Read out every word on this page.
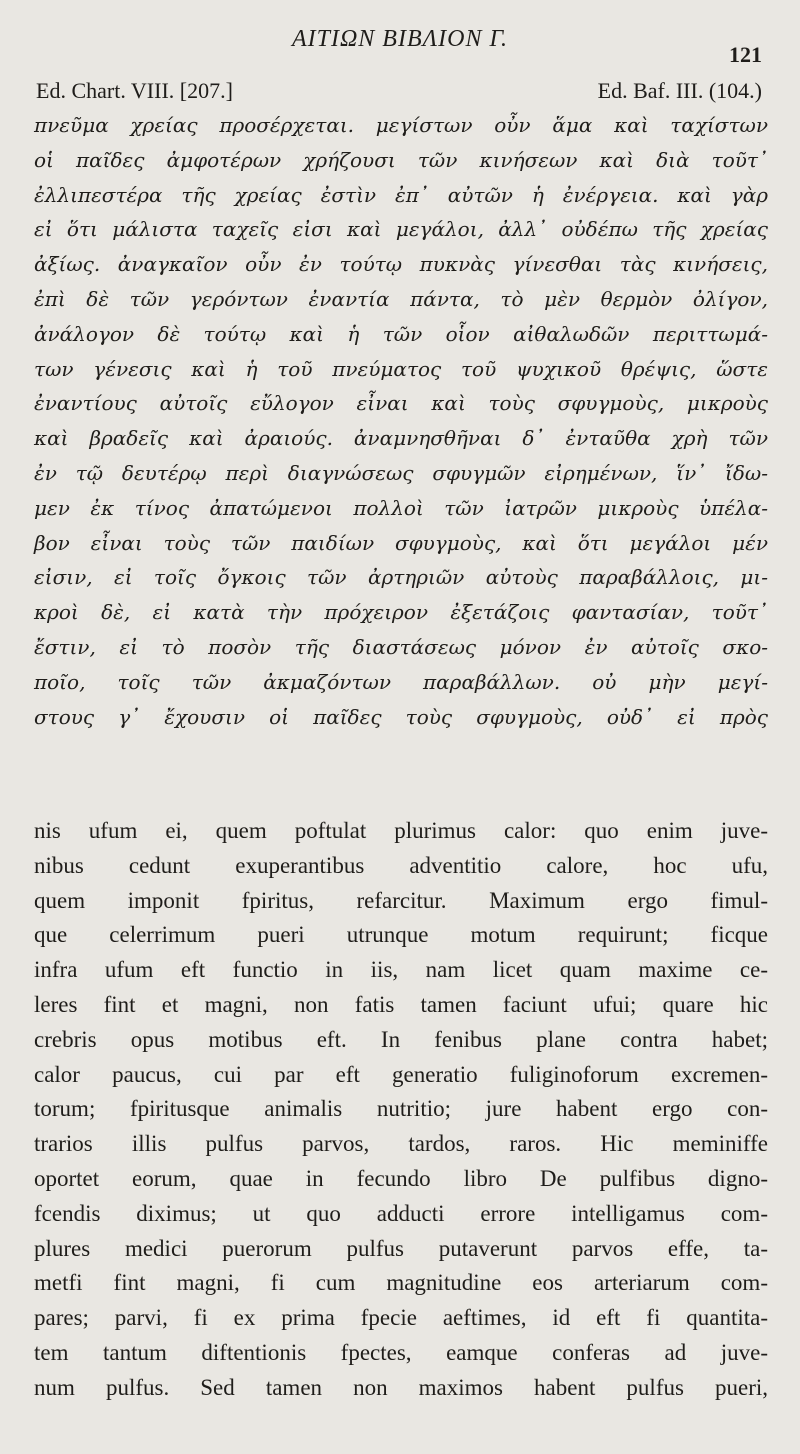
ΑΙΤΙΩΝ ΒΙΒΛΙΟΝ Γ.
121
Ed. Chart. VIII. [207.]	Ed. Baf. III. (104.)
πνεῦμα χρείας προσέρχεται. μεγίστων οὖν ἅμα καὶ ταχίστων
οἱ παῖδες ἀμφοτέρων χρήζουσι τῶν κινήσεων καὶ διὰ τοῦτ᾽
ἐλλιπεστέρα τῆς χρείας ἐστὶν ἐπ᾽ αὐτῶν ἡ ἐνέργεια. καὶ γὰρ
εἰ ὅτι μάλιστα ταχεῖς εἰσι καὶ μεγάλοι, ἀλλ᾽ οὐδέπω τῆς χρείας
ἀξίως. ἀναγκαῖον οὖν ἐν τούτῳ πυκνὰς γίνεσθαι τὰς κινήσεις,
ἐπὶ δὲ τῶν γερόντων ἐναντία πάντα, τὸ μὲν θερμὸν ὀλίγον,
ἀνάλογον δὲ τούτῳ καὶ ἡ τῶν οἷον αἰθαλωδῶν περιττωμά-
των γένεσις καὶ ἡ τοῦ πνεύματος τοῦ ψυχικοῦ θρέψις, ὥστε
ἐναντίους αὐτοῖς εὔλογον εἶναι καὶ τοὺς σφυγμοὺς, μικροὺς
καὶ βραδεῖς καὶ ἀραιούς. ἀναμνησθῆναι δ᾽ ἐνταῦθα χρὴ τῶν
ἐν τῷ δευτέρῳ περὶ διαγνώσεως σφυγμῶν εἰρημένων, ἵν᾽ ἴδω-
μεν ἐκ τίνος ἀπατώμενοι πολλοὶ τῶν ἰατρῶν μικροὺς ὑπέλα-
βον εἶναι τοὺς τῶν παιδίων σφυγμοὺς, καὶ ὅτι μεγάλοι μέν
εἰσιν, εἰ τοῖς ὄγκοις τῶν ἀρτηριῶν αὐτοὺς παραβάλλοις, μι-
κροὶ δὲ, εἰ κατὰ τὴν πρόχειρον ἐξετάζοις φαντασίαν, τοῦτ᾽
ἔστιν, εἰ τὸ ποσὸν τῆς διαστάσεως μόνον ἐν αὐτοῖς σκο-
ποῖο, τοῖς τῶν ἀκμαζόντων παραβάλλων. οὐ μὴν μεγί-
στους γ᾽ ἔχουσιν οἱ παῖδες τοὺς σφυγμοὺς, οὐδ᾽ εἰ πρὸς
nis ufum ei, quem poftulat plurimus calor: quo enim juve-
nibus cedunt exuperantibus adventitio calore, hoc ufu,
quem imponit fpiritus, refarcitur. Maximum ergo fimul-
que celerrimum pueri utrunque motum requirunt; ficque
infra ufum eft functio in iis, nam licet quam maxime ce-
leres fint et magni, non fatis tamen faciunt ufui; quare hic
crebris opus motibus eft. In fenibus plane contra habet;
calor paucus, cui par eft generatio fuliginoforum excremen-
torum; fpiritusque animalis nutritio; jure habent ergo con-
trarios illis pulfus parvos, tardos, raros. Hic meminiffe
oportet eorum, quae in fecundo libro De pulfibus digno-
fcendis diximus; ut quo adducti errore intelligamus com-
plures medici puerorum pulfus putaverunt parvos effe, ta-
metfi fint magni, fi cum magnitudine eos arteriarum com-
pares; parvi, fi ex prima fpecie aeftimes, id eft fi quantita-
tem tantum diftentionis fpectes, eamque conferas ad juve-
num pulfus. Sed tamen non maximos habent pulfus pueri,
